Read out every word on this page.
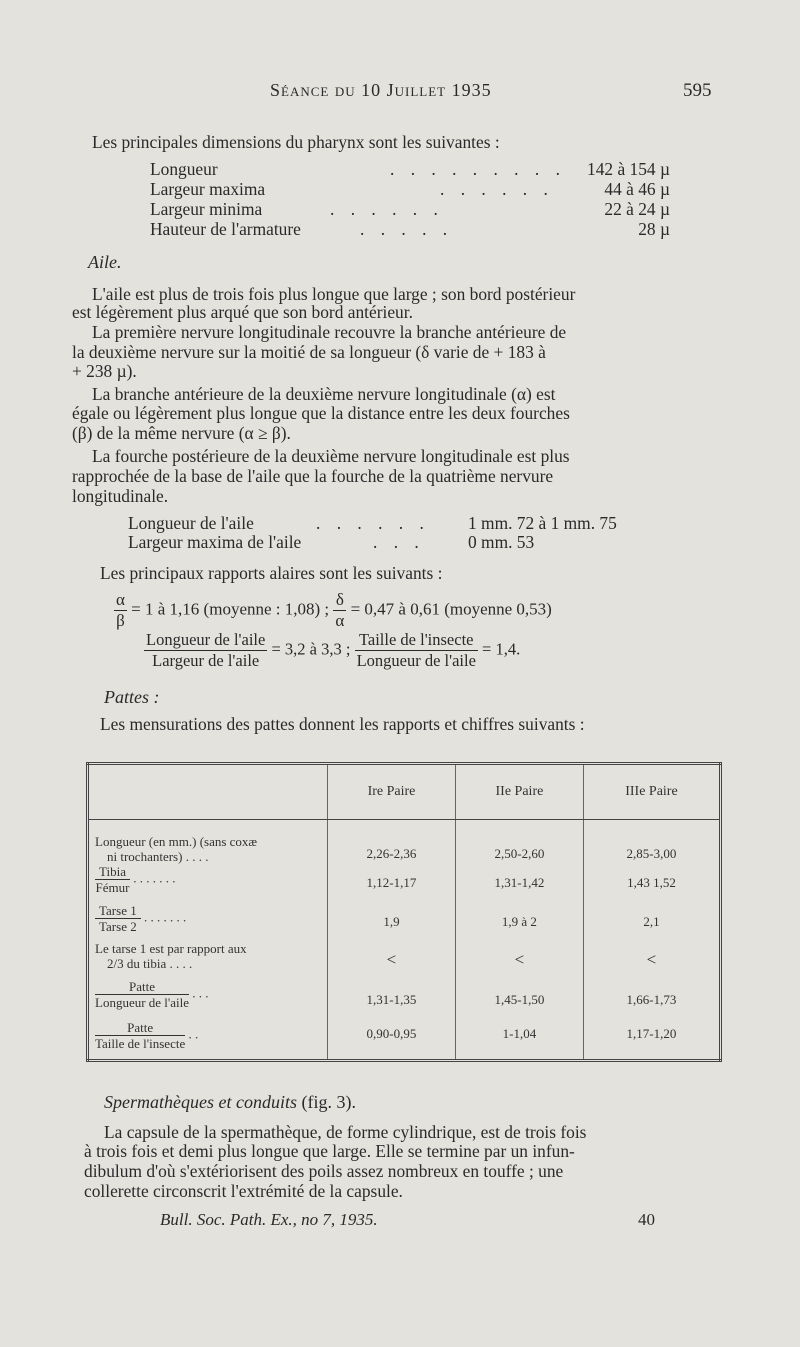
Séance du 10 Juillet 1935	595
Les principales dimensions du pharynx sont les suivantes :
Longueur	. . . . . . . . .	142 à 154 µ
Largeur maxima	. . . . . .	44 à 46 µ
Largeur minima	. . . . . .	22 à 24 µ
Hauteur de l'armature	. . . . .	28 µ
Aile.
L'aile est plus de trois fois plus longue que large ; son bord postérieur
est légèrement plus arqué que son bord antérieur.
La première nervure longitudinale recouvre la branche antérieure de
la deuxième nervure sur la moitié de sa longueur (δ varie de + 183 à
+ 238 µ).
La branche antérieure de la deuxième nervure longitudinale (α) est
égale ou légèrement plus longue que la distance entre les deux fourches
(β) de la même nervure (α ≥ β).
La fourche postérieure de la deuxième nervure longitudinale est plus
rapprochée de la base de l'aile que la fourche de la quatrième nervure
longitudinale.
Longueur de l'aile	. . . . . . 1 mm. 72 à 1 mm. 75
Largeur maxima de l'aile	. . . 0 mm. 53
Les principaux rapports alaires sont les suivants :
$\frac{\alpha}{\beta} = 1$ à 1,16 (moyenne : 1,08) ; $\frac{\delta}{\alpha} = 0,47$ à 0,61 (moyenne 0,53)
$\frac{\text{Longueur de l'aile}}{\text{Largeur de l'aile}} = 3,2$ à 3,3 ; $\frac{\text{Taille de l'insecte}}{\text{Longueur de l'aile}} = 1,4$.
Pattes :
Les mensurations des pattes donnent les rapports et chiffres suivants :
	Ire Paire	IIe Paire	IIIe Paire

Longueur (en mm.) (sans coxæ
ni trochanters) . . . .	2,26-2,36	2,50-2,60	2,85-3,00

Tibia
Fémur . . . . . . .	1,12-1,17	1,31-1,42	1,43 1,52

Tarse 1
Tarse 2 . . . . . . .	1,9	1,9 à 2	2,1

Le tarse 1 est par rapport aux
2/3 du tibia . . . .	<	<	<

Patte
Longueur de l'aile . . .	1,31-1,35	1,45-1,50	1,66-1,73

Patte
Taille de l'insecte . .	0,90-0,95	1-1,04	1,17-1,20
Spermathèques et conduits (fig. 3).
La capsule de la spermathèque, de forme cylindrique, est de trois fois
à trois fois et demi plus longue que large. Elle se termine par un infun-
dibulum d'où s'extériorisent des poils assez nombreux en touffe ; une
collerette circonscrit l'extrémité de la capsule.
Bull. Soc. Path. Ex., no 7, 1935.	40
